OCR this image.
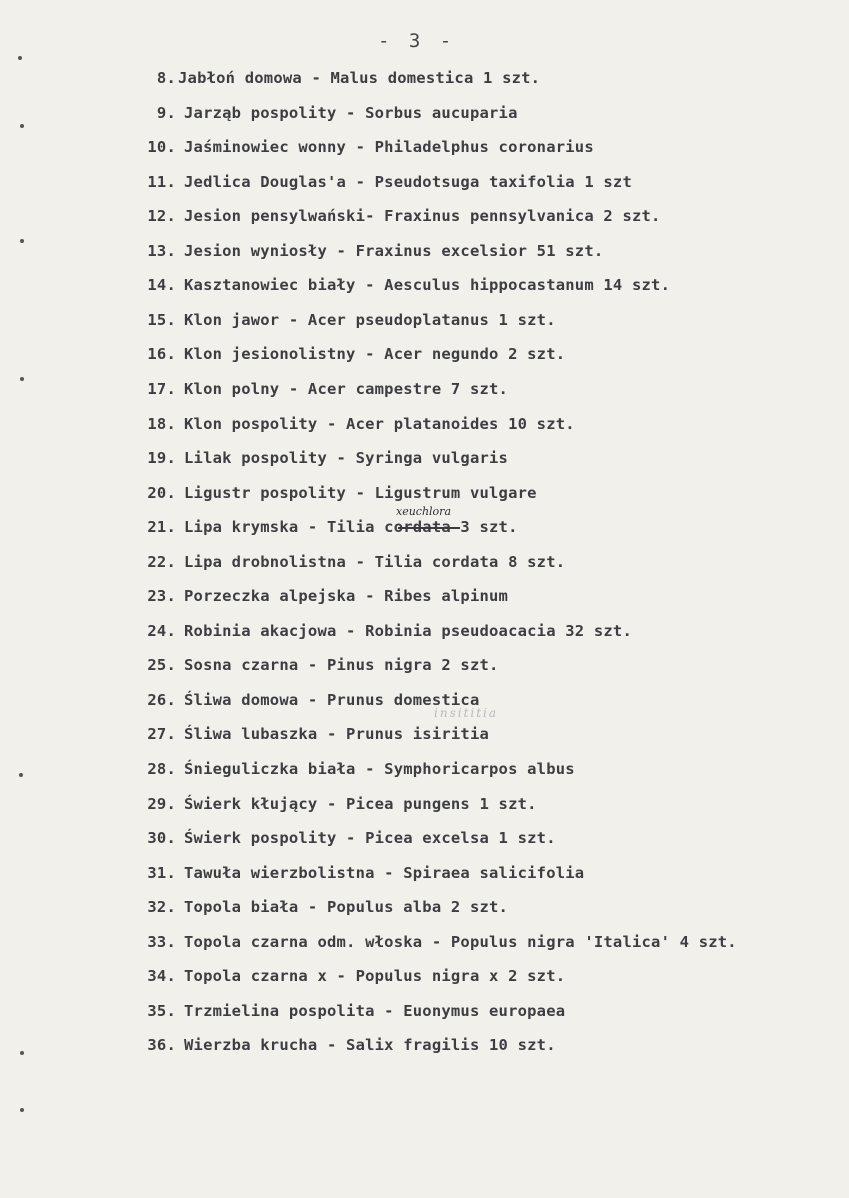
- 3 -
8. Jabłoń domowa - Malus domestica 1 szt.
9. Jarząb pospolity - Sorbus aucuparia
10. Jaśminowiec wonny - Philadelphus coronarius
11. Jedlica Douglas'a - Pseudotsuga taxifolia 1 szt
12. Jesion pensylwański- Fraxinus pennsylvanica 2 szt.
13. Jesion wyniosły - Fraxinus excelsior 51 szt.
14. Kasztanowiec biały - Aesculus hippocastanum 14 szt.
15. Klon jawor - Acer pseudoplatanus 1 szt.
16. Klon jesionolistny - Acer negundo 2 szt.
17. Klon polny - Acer campestre 7 szt.
18. Klon pospolity - Acer platanoides 10 szt.
19. Lilak pospolity - Syringa vulgaris
20. Ligustr pospolity - Ligustrum vulgare
21. Lipa krymska - Tilia cordata 3 szt.
22. Lipa drobnolistna - Tilia cordata 8 szt.
23. Porzeczka alpejska - Ribes alpinum
24. Robinia akacjowa - Robinia pseudoacacia 32 szt.
25. Sosna czarna - Pinus nigra 2 szt.
26. Śliwa domowa - Prunus domestica
27. Śliwa lubaszka - Prunus isiritia
28. Śnieguliczka biała - Symphoricarpos albus
29. Świerk kłujący - Picea pungens 1 szt.
30. Świerk pospolity - Picea excelsa 1 szt.
31. Tawuła wierzbolistna - Spiraea salicifolia
32. Topola biała - Populus alba 2 szt.
33. Topola czarna odm. włoska - Populus nigra 'Italica' 4 szt.
34. Topola czarna x - Populus nigra x 2 szt.
35. Trzmielina pospolita - Euonymus europaea
36. Wierzba krucha - Salix fragilis 10 szt.
xeuchlora
insititia
